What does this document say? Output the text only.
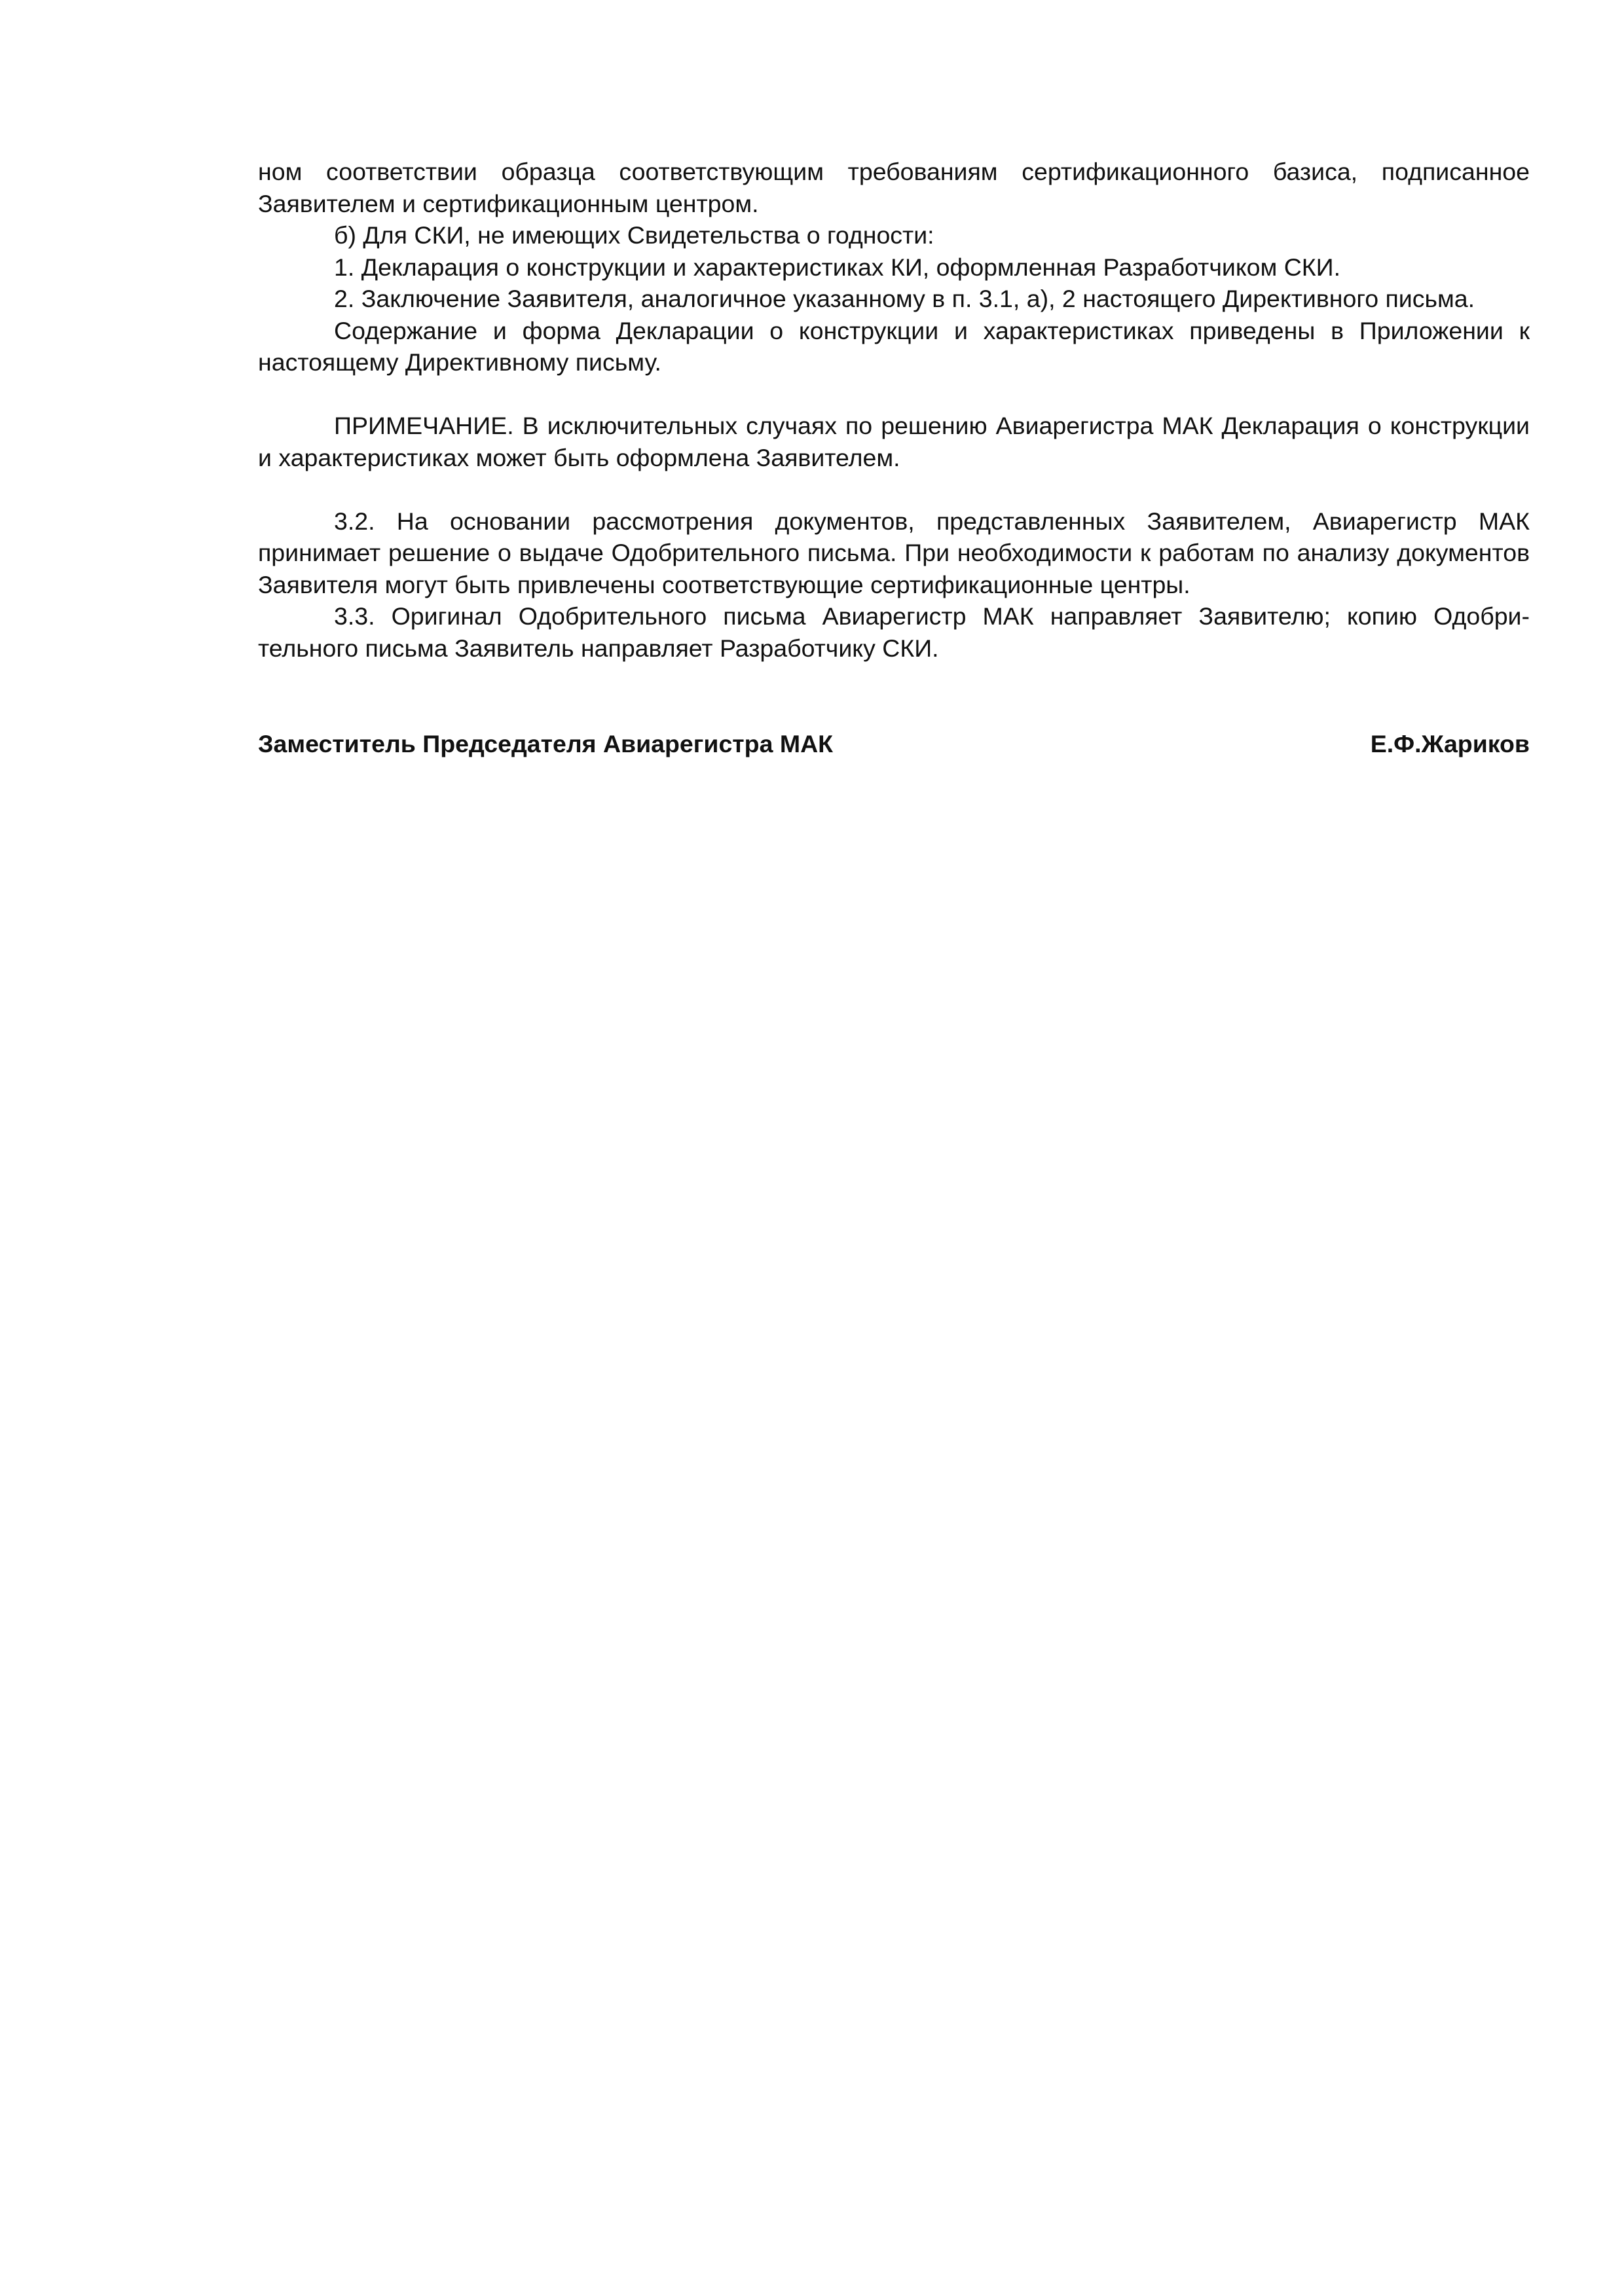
ном соответствии образца соответствующим требованиям сертификационного базиса, подписанное Заявителем и сертификационным центром.

б) Для СКИ, не имеющих Свидетельства о годности:

1. Декларация о конструкции и характеристиках КИ, оформленная Разработчиком СКИ.

2. Заключение Заявителя, аналогичное указанному в п. 3.1, а), 2 настоящего Директивного письма.

Содержание и форма Декларации о конструкции и характеристиках приведены в Приложении к настоящему Директивному письму.

ПРИМЕЧАНИЕ. В исключительных случаях по решению Авиарегистра МАК Декларация о конструкции и характеристиках может быть оформлена Заявителем.

3.2. На основании рассмотрения документов, представленных Заявителем, Авиарегистр МАК принимает решение о выдаче Одобрительного письма. При необходимости к работам по анализу документов Заявителя могут быть привлечены соответствующие сертификационные центры.

3.3. Оригинал Одобрительного письма Авиарегистр МАК направляет Заявителю; копию Одобрительного письма Заявитель направляет Разработчику СКИ.

Заместитель Председателя Авиарегистра МАК	Е.Ф.Жариков
